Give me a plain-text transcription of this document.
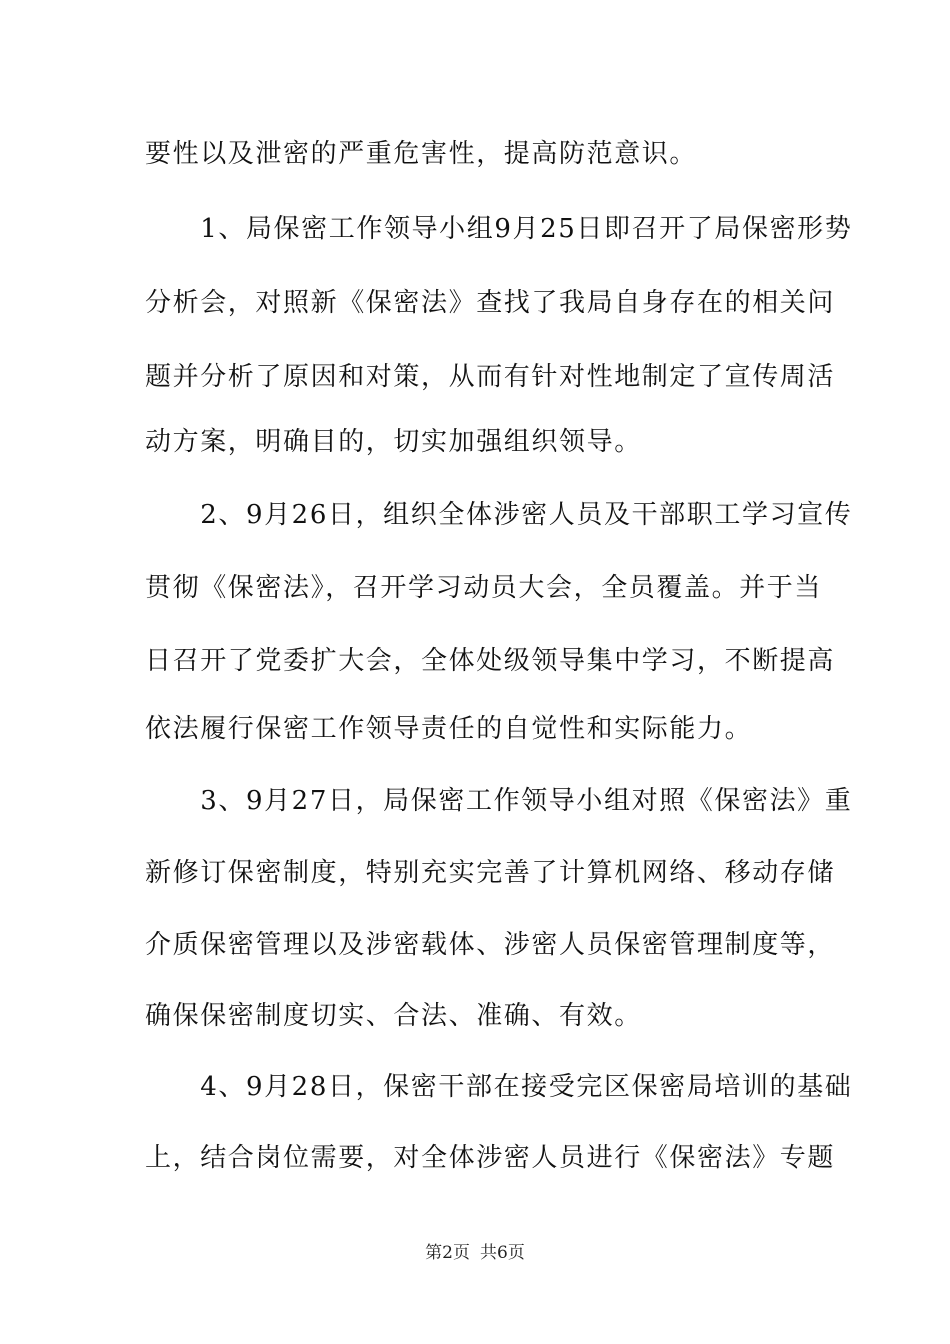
要性以及泄密的严重危害性，提高防范意识。
　　1、局保密工作领导小组9月25日即召开了局保密形势
分析会，对照新《保密法》查找了我局自身存在的相关问
题并分析了原因和对策，从而有针对性地制定了宣传周活
动方案，明确目的，切实加强组织领导。
　　2、9月26日，组织全体涉密人员及干部职工学习宣传
贯彻《保密法》，召开学习动员大会，全员覆盖。并于当
日召开了党委扩大会，全体处级领导集中学习，不断提高
依法履行保密工作领导责任的自觉性和实际能力。
　　3、9月27日，局保密工作领导小组对照《保密法》重
新修订保密制度，特别充实完善了计算机网络、移动存储
介质保密管理以及涉密载体、涉密人员保密管理制度等，
确保保密制度切实、合法、准确、有效。
　　4、9月28日，保密干部在接受完区保密局培训的基础
上，结合岗位需要，对全体涉密人员进行《保密法》专题
第2页 共6页
